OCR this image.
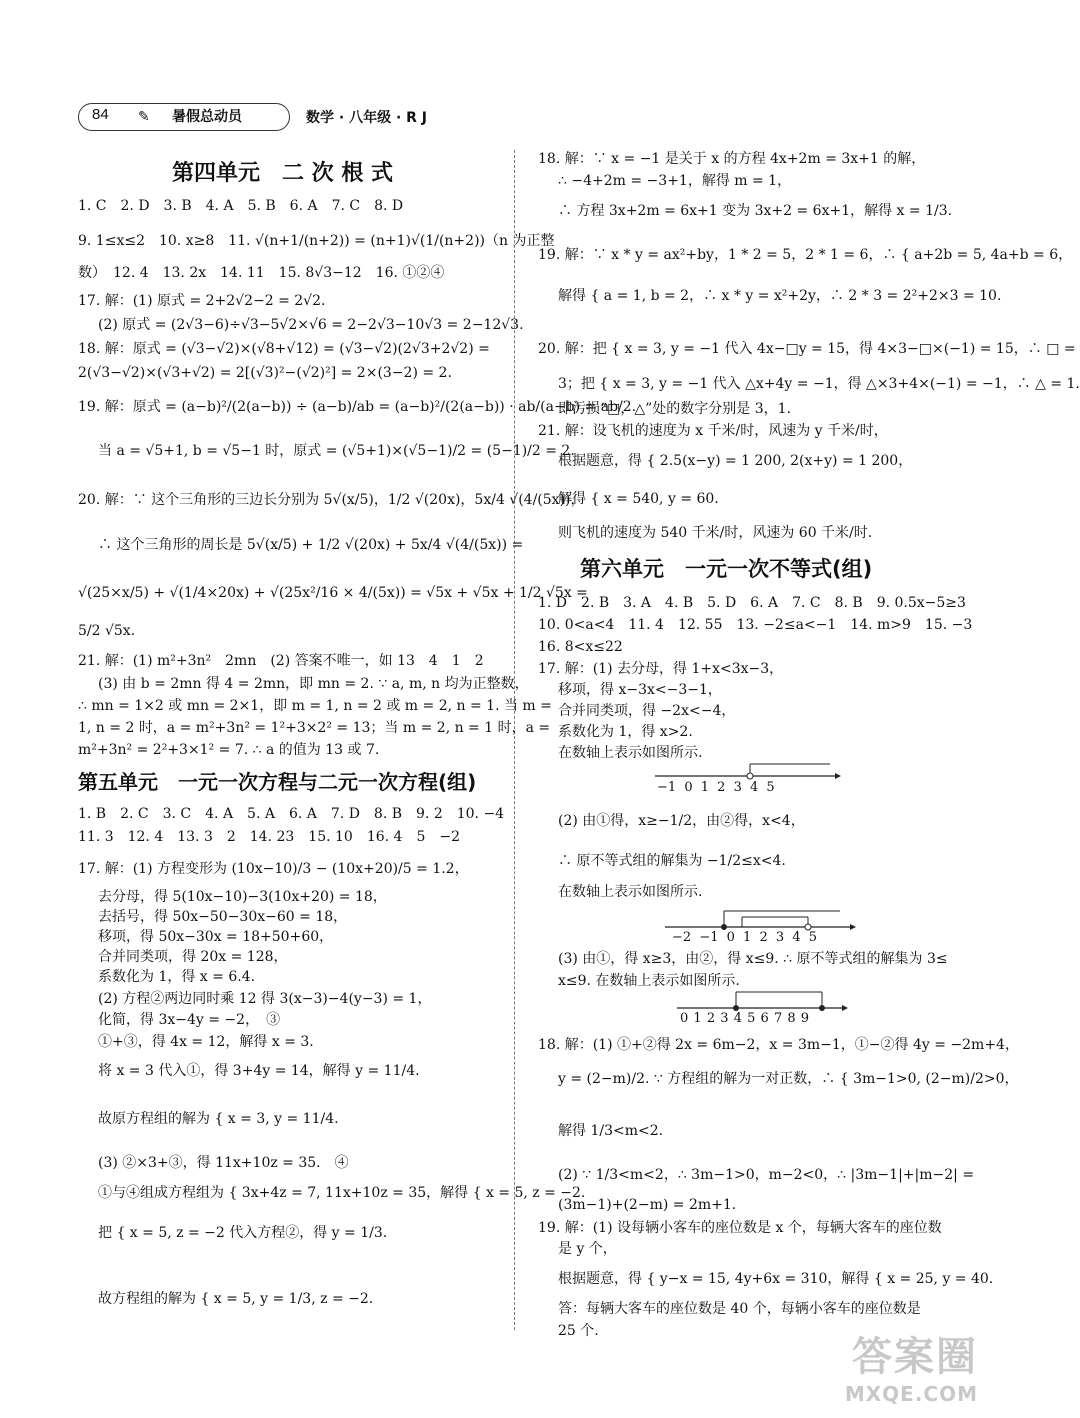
84 ✎ 暑假总动员	数学 · 八年级 · R J
第四单元　二 次 根 式
1. C　2. D　3. B　4. A　5. B　6. A　7. C　8. D
9. 1≤x≤2　10. x≥8　11. √(n+1/(n+2)) = (n+1)√(1/(n+2))（n 为正整
数）　12. 4　13. 2x　14. 11　15. 8√3−12　16. ①②④
17. 解：(1) 原式 = 2+2√2−2 = 2√2.
(2) 原式 = (2√3−6)÷√3−5√2×√6 = 2−2√3−10√3 = 2−12√3.
18. 解：原式 = (√3−√2)×(√8+√12) = (√3−√2)(2√3+2√2) =
2(√3−√2)×(√3+√2) = 2[(√3)²−(√2)²] = 2×(3−2) = 2.
19. 解：原式 = (a−b)²/(2(a−b)) ÷ (a−b)/ab = (a−b)²/(2(a−b)) · ab/(a−b) = ab/2.
当 a = √5+1, b = √5−1 时，原式 = (√5+1)×(√5−1)/2 = (5−1)/2 = 2.
20. 解：∵ 这个三角形的三边长分别为 5√(x/5)，1/2 √(20x)，5x/4 √(4/(5x))，
∴ 这个三角形的周长是 5√(x/5) + 1/2 √(20x) + 5x/4 √(4/(5x)) =
√(25×x/5) + √(1/4×20x) + √(25x²/16 × 4/(5x)) = √5x + √5x + 1/2 √5x =
5/2 √5x.
21. 解：(1) m²+3n²　2mn　(2) 答案不唯一，如 13　4　1　2
(3) 由 b = 2mn 得 4 = 2mn，即 mn = 2. ∵ a, m, n 均为正整数，
∴ mn = 1×2 或 mn = 2×1，即 m = 1, n = 2 或 m = 2, n = 1. 当 m =
1, n = 2 时，a = m²+3n² = 1²+3×2² = 13；当 m = 2, n = 1 时，a =
m²+3n² = 2²+3×1² = 7. ∴ a 的值为 13 或 7.
第五单元　一元一次方程与二元一次方程(组)
1. B　2. C　3. C　4. A　5. A　6. A　7. D　8. B　9. 2　10. −4
11. 3　12. 4　13. 3　2　14. 23　15. 10　16. 4　5　−2
17. 解：(1) 方程变形为 (10x−10)/3 − (10x+20)/5 = 1.2，
去分母，得 5(10x−10)−3(10x+20) = 18，
去括号，得 50x−50−30x−60 = 18，
移项，得 50x−30x = 18+50+60，
合并同类项，得 20x = 128，
系数化为 1，得 x = 6.4.
(2) 方程②两边同时乘 12 得 3(x−3)−4(y−3) = 1，
化简，得 3x−4y = −2，　③
①+③，得 4x = 12，解得 x = 3.
将 x = 3 代入①，得 3+4y = 14，解得 y = 11/4.
故原方程组的解为 { x = 3, y = 11/4.
(3) ②×3+③，得 11x+10z = 35.　④
①与④组成方程组为 { 3x+4z = 7, 11x+10z = 35，解得 { x = 5, z = −2.
把 { x = 5, z = −2 代入方程②，得 y = 1/3.
故方程组的解为 { x = 5, y = 1/3, z = −2.
18. 解：∵ x = −1 是关于 x 的方程 4x+2m = 3x+1 的解，
∴ −4+2m = −3+1，解得 m = 1，
∴ 方程 3x+2m = 6x+1 变为 3x+2 = 6x+1，解得 x = 1/3.
19. 解：∵ x * y = ax²+by，1 * 2 = 5，2 * 1 = 6，∴ { a+2b = 5, 4a+b = 6，
解得 { a = 1, b = 2，∴ x * y = x²+2y，∴ 2 * 3 = 2²+2×3 = 10.
20. 解：把 { x = 3, y = −1 代入 4x−□y = 15，得 4×3−□×(−1) = 15，∴ □ =
3；把 { x = 3, y = −1 代入 △x+4y = −1，得 △×3+4×(−1) = −1，∴ △ = 1.
即污损“□，△”处的数字分别是 3，1.
21. 解：设飞机的速度为 x 千米/时，风速为 y 千米/时，
根据题意，得 { 2.5(x−y) = 1 200, 2(x+y) = 1 200，
解得 { x = 540, y = 60.
则飞机的速度为 540 千米/时，风速为 60 千米/时.
第六单元　一元一次不等式(组)
1. D　2. B　3. A　4. B　5. D　6. A　7. C　8. B　9. 0.5x−5≥3
10. 0<a<4　11. 4　12. 55　13. −2≤a<−1　14. m>9　15. −3
16. 8<x≤22
17. 解：(1) 去分母，得 1+x<3x−3，
移项，得 x−3x<−3−1，
合并同类项，得 −2x<−4，
系数化为 1，得 x>2.
在数轴上表示如图所示.
−1 0 1 2 3 4 5
(2) 由①得，x≥−1/2，由②得，x<4，
∴ 原不等式组的解集为 −1/2≤x<4.
在数轴上表示如图所示.
−2 −1 0 1 2 3 4 5
(3) 由①，得 x≥3，由②，得 x≤9. ∴ 原不等式组的解集为 3≤
x≤9. 在数轴上表示如图所示.
0 1 2 3 4 5 6 7 8 9
18. 解：(1) ①+②得 2x = 6m−2，x = 3m−1，①−②得 4y = −2m+4，
y = (2−m)/2. ∵ 方程组的解为一对正数，∴ { 3m−1>0, (2−m)/2>0，
解得 1/3<m<2.
(2) ∵ 1/3<m<2，∴ 3m−1>0，m−2<0，∴ |3m−1|+|m−2| =
(3m−1)+(2−m) = 2m+1.
19. 解：(1) 设每辆小客车的座位数是 x 个，每辆大客车的座位数
是 y 个，
根据题意，得 { y−x = 15, 4y+6x = 310，解得 { x = 25, y = 40.
答：每辆大客车的座位数是 40 个，每辆小客车的座位数是
25 个.
答案圈
MXQE.COM
